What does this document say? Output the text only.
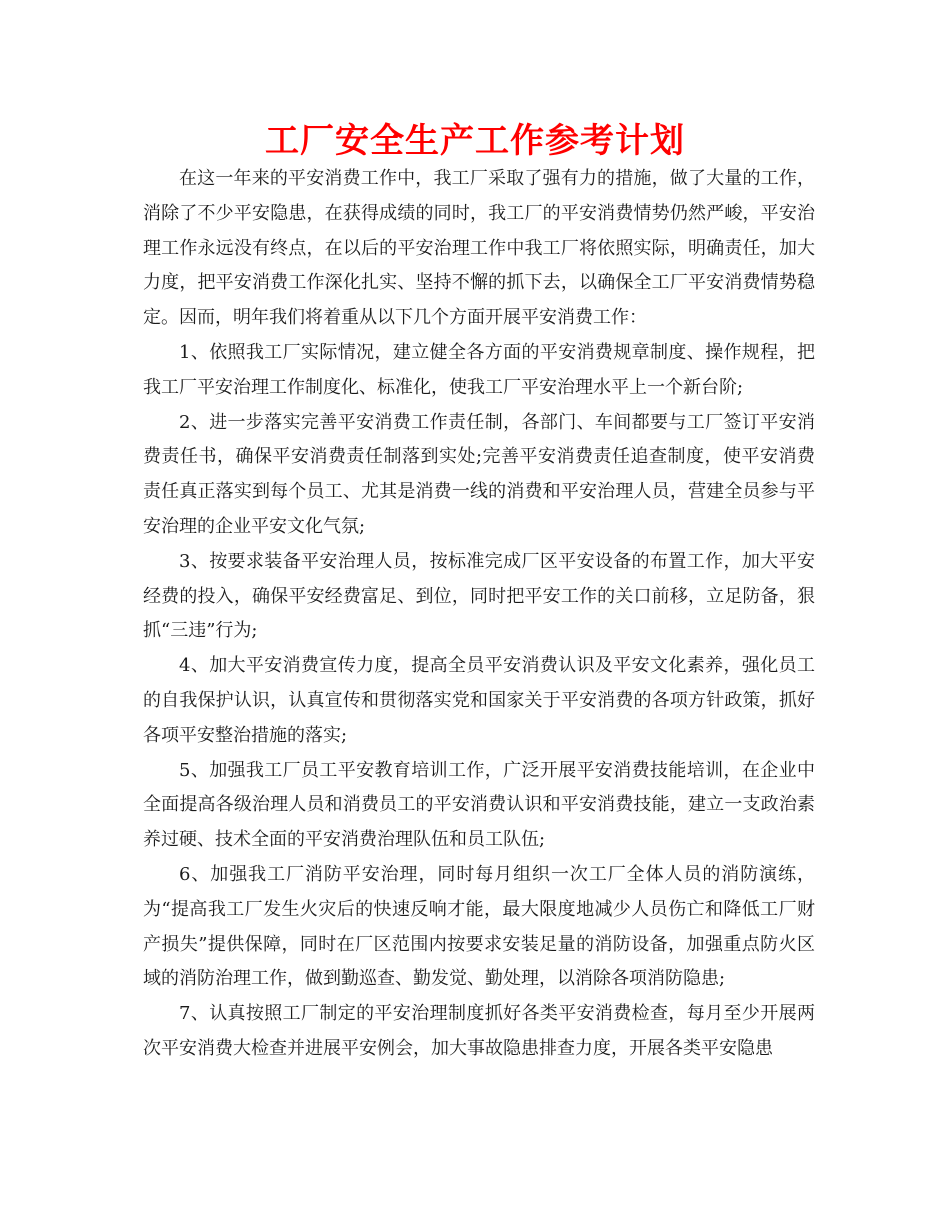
工厂安全生产工作参考计划

在这一年来的平安消费工作中，我工厂采取了强有力的措施，做了大量的工作，消除了不少平安隐患，在获得成绩的同时，我工厂的平安消费情势仍然严峻，平安治理工作永远没有终点，在以后的平安治理工作中我工厂将依照实际，明确责任，加大力度，把平安消费工作深化扎实、坚持不懈的抓下去，以确保全工厂平安消费情势稳定。因而，明年我们将着重从以下几个方面开展平安消费工作：

1、依照我工厂实际情况，建立健全各方面的平安消费规章制度、操作规程，把我工厂平安治理工作制度化、标准化，使我工厂平安治理水平上一个新台阶;

2、进一步落实完善平安消费工作责任制，各部门、车间都要与工厂签订平安消费责任书，确保平安消费责任制落到实处;完善平安消费责任追查制度，使平安消费责任真正落实到每个员工、尤其是消费一线的消费和平安治理人员，营建全员参与平安治理的企业平安文化气氛;

3、按要求装备平安治理人员，按标准完成厂区平安设备的布置工作，加大平安经费的投入，确保平安经费富足、到位，同时把平安工作的关口前移，立足防备，狠抓“三违”行为;

4、加大平安消费宣传力度，提高全员平安消费认识及平安文化素养，强化员工的自我保护认识，认真宣传和贯彻落实党和国家关于平安消费的各项方针政策，抓好各项平安整治措施的落实;

5、加强我工厂员工平安教育培训工作，广泛开展平安消费技能培训，在企业中全面提高各级治理人员和消费员工的平安消费认识和平安消费技能，建立一支政治素养过硬、技术全面的平安消费治理队伍和员工队伍;

6、加强我工厂消防平安治理，同时每月组织一次工厂全体人员的消防演练，为“提高我工厂发生火灾后的快速反响才能，最大限度地减少人员伤亡和降低工厂财产损失”提供保障，同时在厂区范围内按要求安装足量的消防设备，加强重点防火区域的消防治理工作，做到勤巡查、勤发觉、勤处理，以消除各项消防隐患;

7、认真按照工厂制定的平安治理制度抓好各类平安消费检查，每月至少开展两次平安消费大检查并进展平安例会，加大事故隐患排查力度，开展各类平安隐患
